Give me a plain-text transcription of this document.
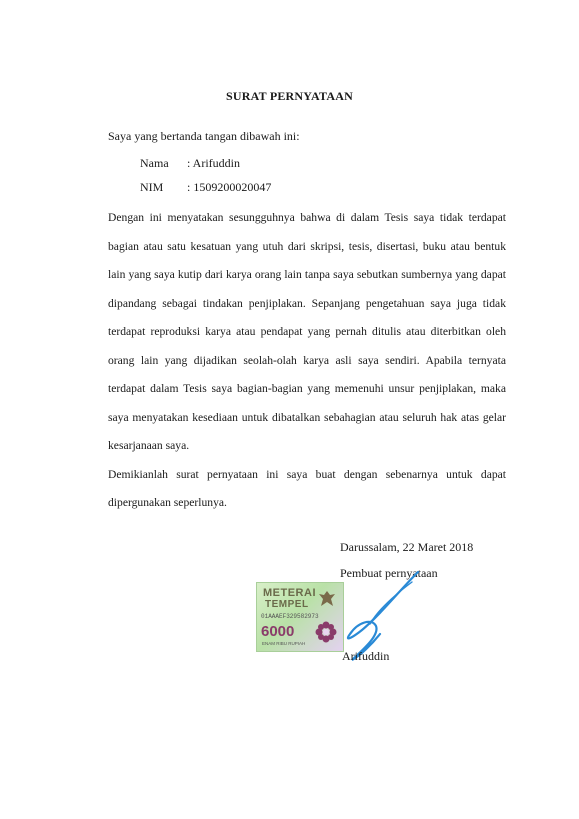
SURAT PERNYATAAN
Saya yang bertanda tangan dibawah ini:
Nama : Arifuddin
NIM : 1509200020047

Dengan ini menyatakan sesungguhnya bahwa di dalam Tesis saya tidak terdapat bagian atau satu kesatuan yang utuh dari skripsi, tesis, disertasi, buku atau bentuk lain yang saya kutip dari karya orang lain tanpa saya sebutkan sumbernya yang dapat dipandang sebagai tindakan penjiplakan. Sepanjang pengetahuan saya juga tidak terdapat reproduksi karya atau pendapat yang pernah ditulis atau diterbitkan oleh orang lain yang dijadikan seolah-olah karya asli saya sendiri. Apabila ternyata terdapat dalam Tesis saya bagian-bagian yang memenuhi unsur penjiplakan, maka saya menyatakan kesediaan untuk dibatalkan sebahagian atau seluruh hak atas gelar kesarjanaan saya.

Demikianlah surat pernyataan ini saya buat dengan sebenarnya untuk dapat dipergunakan seperlunya.

Darussalam, 22 Maret 2018
Pembuat pernyataan
METERAI
TEMPEL
01AAAEF329582973
6000
ENAM RIBU RUPIAH
Arifuddin
